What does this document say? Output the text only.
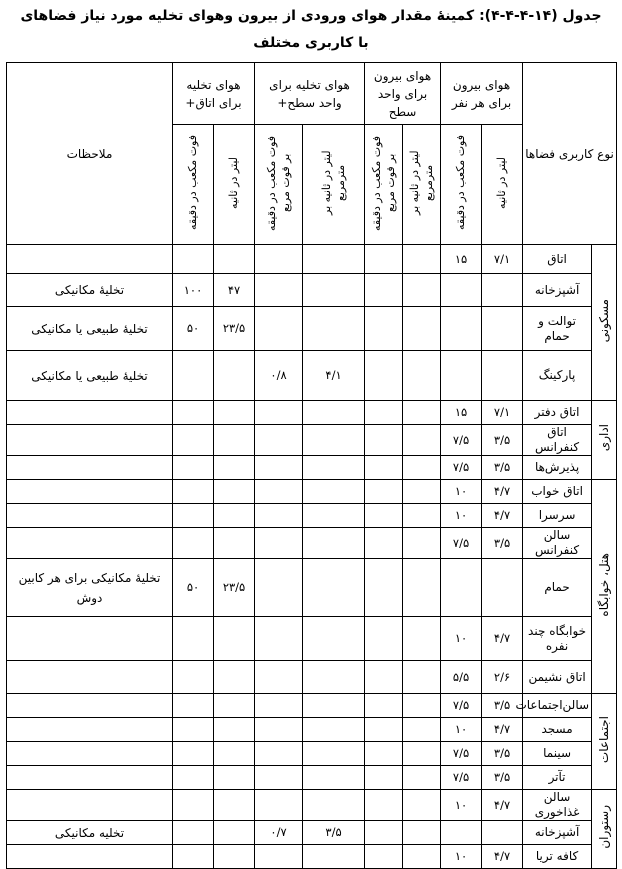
جدول (۱۴-۴-۴-۴): کمینۀ مقدار هوای ورودی از بیرون وهوای تخلیه مورد نیاز فضاهای
با کاربری مختلف
نوع کاربری فضاها		هوای بیرون برای هر نفر		هوای بیرون برای واحد سطح		هوای تخلیه برای واحد سطح+		هوای تخلیه برای اتاق+		ملاحظات
		لیتر در ثانیه	فوت مکعب در دقیقه	لیتر در ثانیه بر مترمربع	فوت مکعب در دقیقه بر فوت مربع	لیتر در ثانیه بر مترمربع	فوت مکعب در دقیقه بر فوت مربع	لیتر در ثانیه	فوت مکعب در دقیقه	
مسکونی	اتاق	۷/۱	۱۵							
	آشپزخانه							۴۷	۱۰۰	تخلیۀ مکانیکی
	توالت و حمام							۲۳/۵	۵۰	تخلیۀ طبیعی یا مکانیکی
	پارکینگ					۴/۱	۰/۸			تخلیۀ طبیعی یا مکانیکی
اداری	اتاق دفتر	۷/۱	۱۵							
	اتاق کنفرانس	۳/۵	۷/۵							
	پذیرش‌ها	۳/۵	۷/۵							
هتل، خوابگاه	اتاق خواب	۴/۷	۱۰							
	سرسرا	۴/۷	۱۰							
	سالن کنفرانس	۳/۵	۷/۵							
	حمام							۲۳/۵	۵۰	تخلیۀ مکانیکی برای هر کابین دوش
	خوابگاه چند نفره	۴/۷	۱۰							
	اتاق نشیمن	۲/۶	۵/۵							
اجتماعات	سالن‌اجتماعات	۳/۵	۷/۵							
	مسجد	۴/۷	۱۰							
	سینما	۳/۵	۷/۵							
	تآتر	۳/۵	۷/۵							
رستوران	سالن غذاخوری	۴/۷	۱۰							
	آشپزخانه					۳/۵	۰/۷			تخلیه مکانیکی
	کافه تریا	۴/۷	۱۰							
